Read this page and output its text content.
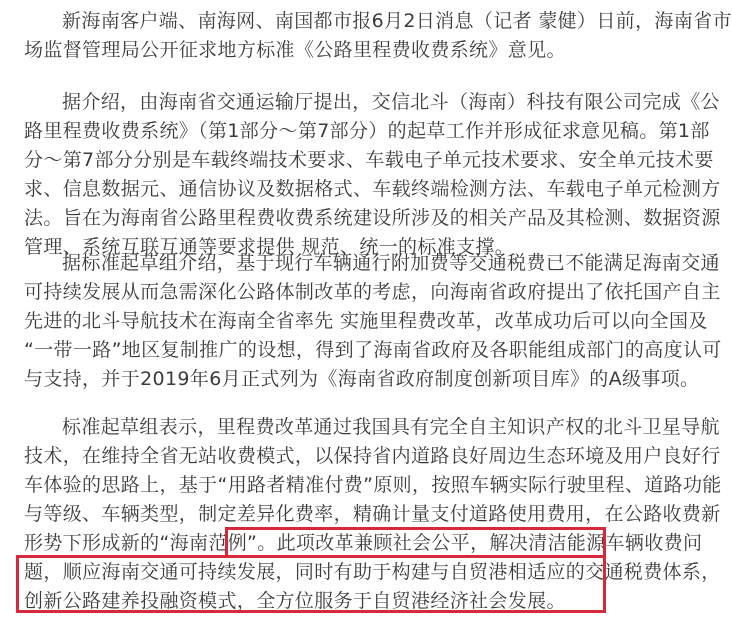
新海南客户端、南海网、南国都市报6月2日消息（记者 蒙健）日前，海南省市
场监督管理局公开征求地方标准《公路里程费收费系统》意见。
据介绍，由海南省交通运输厅提出，交信北斗（海南）科技有限公司完成《公
路里程费收费系统》（第1部分～第7部分）的起草工作并形成征求意见稿。第1部
分～第7部分分别是车载终端技术要求、车载电子单元技术要求、安全单元技术要
求、信息数据元、通信协议及数据格式、车载终端检测方法、车载电子单元检测方
法。旨在为海南省公路里程费收费系统建设所涉及的相关产品及其检测、数据资源
管理、系统互联互通等要求提供 规范、统一的标准支撑。
据标准起草组介绍，基于现行车辆通行附加费等交通税费已不能满足海南交通
可持续发展从而急需深化公路体制改革的考虑，向海南省政府提出了依托国产自主
先进的北斗导航技术在海南全省率先 实施里程费改革，改革成功后可以向全国及
“一带一路”地区复制推广的设想，得到了海南省政府及各职能组成部门的高度认可
与支持，并于2019年6月正式列为《海南省政府制度创新项目库》的A级事项。
标准起草组表示，里程费改革通过我国具有完全自主知识产权的北斗卫星导航
技术，在维持全省无站收费模式，以保持省内道路良好周边生态环境及用户良好行
车体验的思路上，基于“用路者精准付费”原则，按照车辆实际行驶里程、道路功能
与等级、车辆类型，制定差异化费率，精确计量支付道路使用费用，在公路收费新
形势下形成新的“海南范例”。此项改革兼顾社会公平，解决清洁能源车辆收费问
题，顺应海南交通可持续发展，同时有助于构建与自贸港相适应的交通税费体系，
创新公路建养投融资模式，全方位服务于自贸港经济社会发展。
